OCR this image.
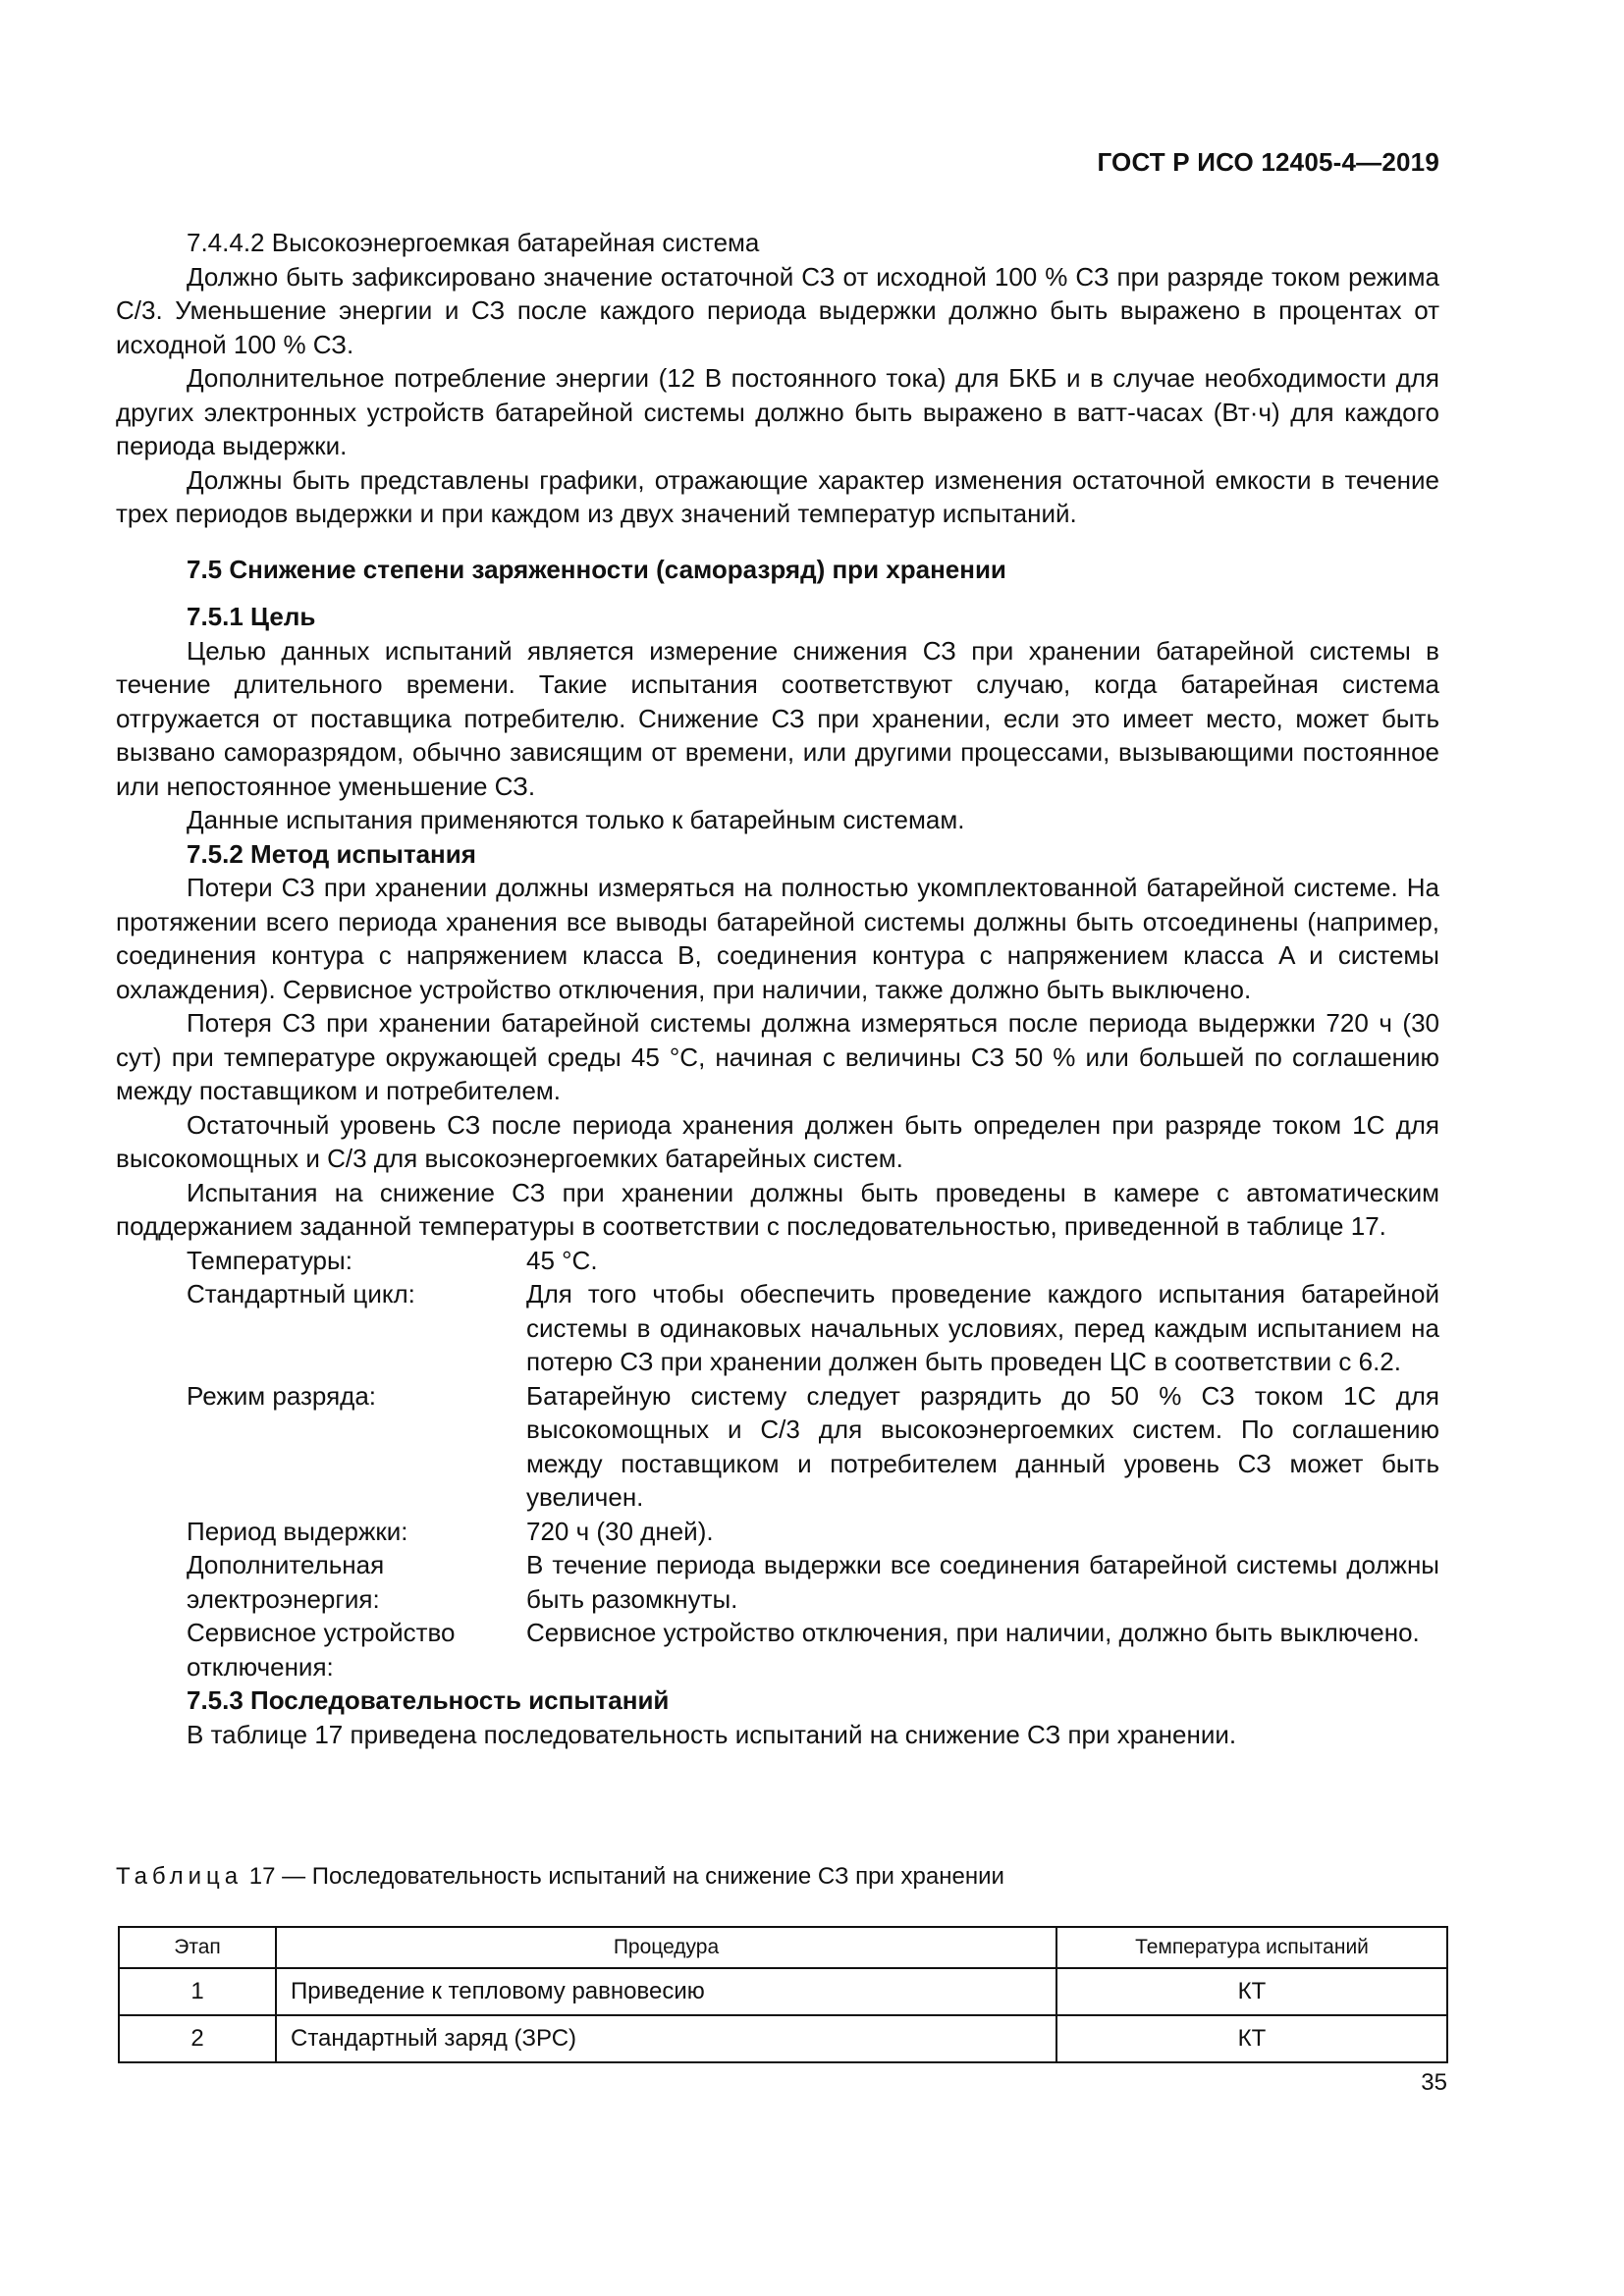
ГОСТ Р ИСО 12405-4—2019

7.4.4.2 Высокоэнергоемкая батарейная система

Должно быть зафиксировано значение остаточной СЗ от исходной 100 % СЗ при разряде током режима C/3. Уменьшение энергии и СЗ после каждого периода выдержки должно быть выражено в процентах от исходной 100 % СЗ.

Дополнительное потребление энергии (12 В постоянного тока) для БКБ и в случае необходимости для других электронных устройств батарейной системы должно быть выражено в ватт-часах (Вт·ч) для каждого периода выдержки.

Должны быть представлены графики, отражающие характер изменения остаточной емкости в течение трех периодов выдержки и при каждом из двух значений температур испытаний.

7.5 Снижение степени заряженности (саморазряд) при хранении

7.5.1 Цель

Целью данных испытаний является измерение снижения СЗ при хранении батарейной системы в течение длительного времени. Такие испытания соответствуют случаю, когда батарейная система отгружается от поставщика потребителю. Снижение СЗ при хранении, если это имеет место, может быть вызвано саморазрядом, обычно зависящим от времени, или другими процессами, вызывающими постоянное или непостоянное уменьшение СЗ.

Данные испытания применяются только к батарейным системам.

7.5.2 Метод испытания

Потери СЗ при хранении должны измеряться на полностью укомплектованной батарейной системе. На протяжении всего периода хранения все выводы батарейной системы должны быть отсоединены (например, соединения контура с напряжением класса B, соединения контура с напряжением класса A и системы охлаждения). Сервисное устройство отключения, при наличии, также должно быть выключено.

Потеря СЗ при хранении батарейной системы должна измеряться после периода выдержки 720 ч (30 сут) при температуре окружающей среды 45 °С, начиная с величины СЗ 50 % или большей по соглашению между поставщиком и потребителем.

Остаточный уровень СЗ после периода хранения должен быть определен при разряде током 1C для высокомощных и C/3 для высокоэнергоемких батарейных систем.

Испытания на снижение СЗ при хранении должны быть проведены в камере с автоматическим поддержанием заданной температуры в соответствии с последовательностью, приведенной в таблице 17.

Температуры:	45 °С.
Стандартный цикл:	Для того чтобы обеспечить проведение каждого испытания батарейной системы в одинаковых начальных условиях, перед каждым испытанием на потерю СЗ при хранении должен быть проведен ЦС в соответствии с 6.2.
Режим разряда:	Батарейную систему следует разрядить до 50 % СЗ током 1C для высокомощных и C/3 для высокоэнергоемких систем. По соглашению между поставщиком и потребителем данный уровень СЗ может быть увеличен.
Период выдержки:	720 ч (30 дней).
Дополнительная электроэнергия:	В течение периода выдержки все соединения батарейной системы должны быть разомкнуты.
Сервисное устройство отключения:	Сервисное устройство отключения, при наличии, должно быть выключено.

7.5.3 Последовательность испытаний

В таблице 17 приведена последовательность испытаний на снижение СЗ при хранении.

Таблица 17 — Последовательность испытаний на снижение СЗ при хранении
Этап	Процедура	Температура испытаний
1	Приведение к тепловому равновесию	КТ
2	Стандартный заряд (ЗРС)	КТ
35
